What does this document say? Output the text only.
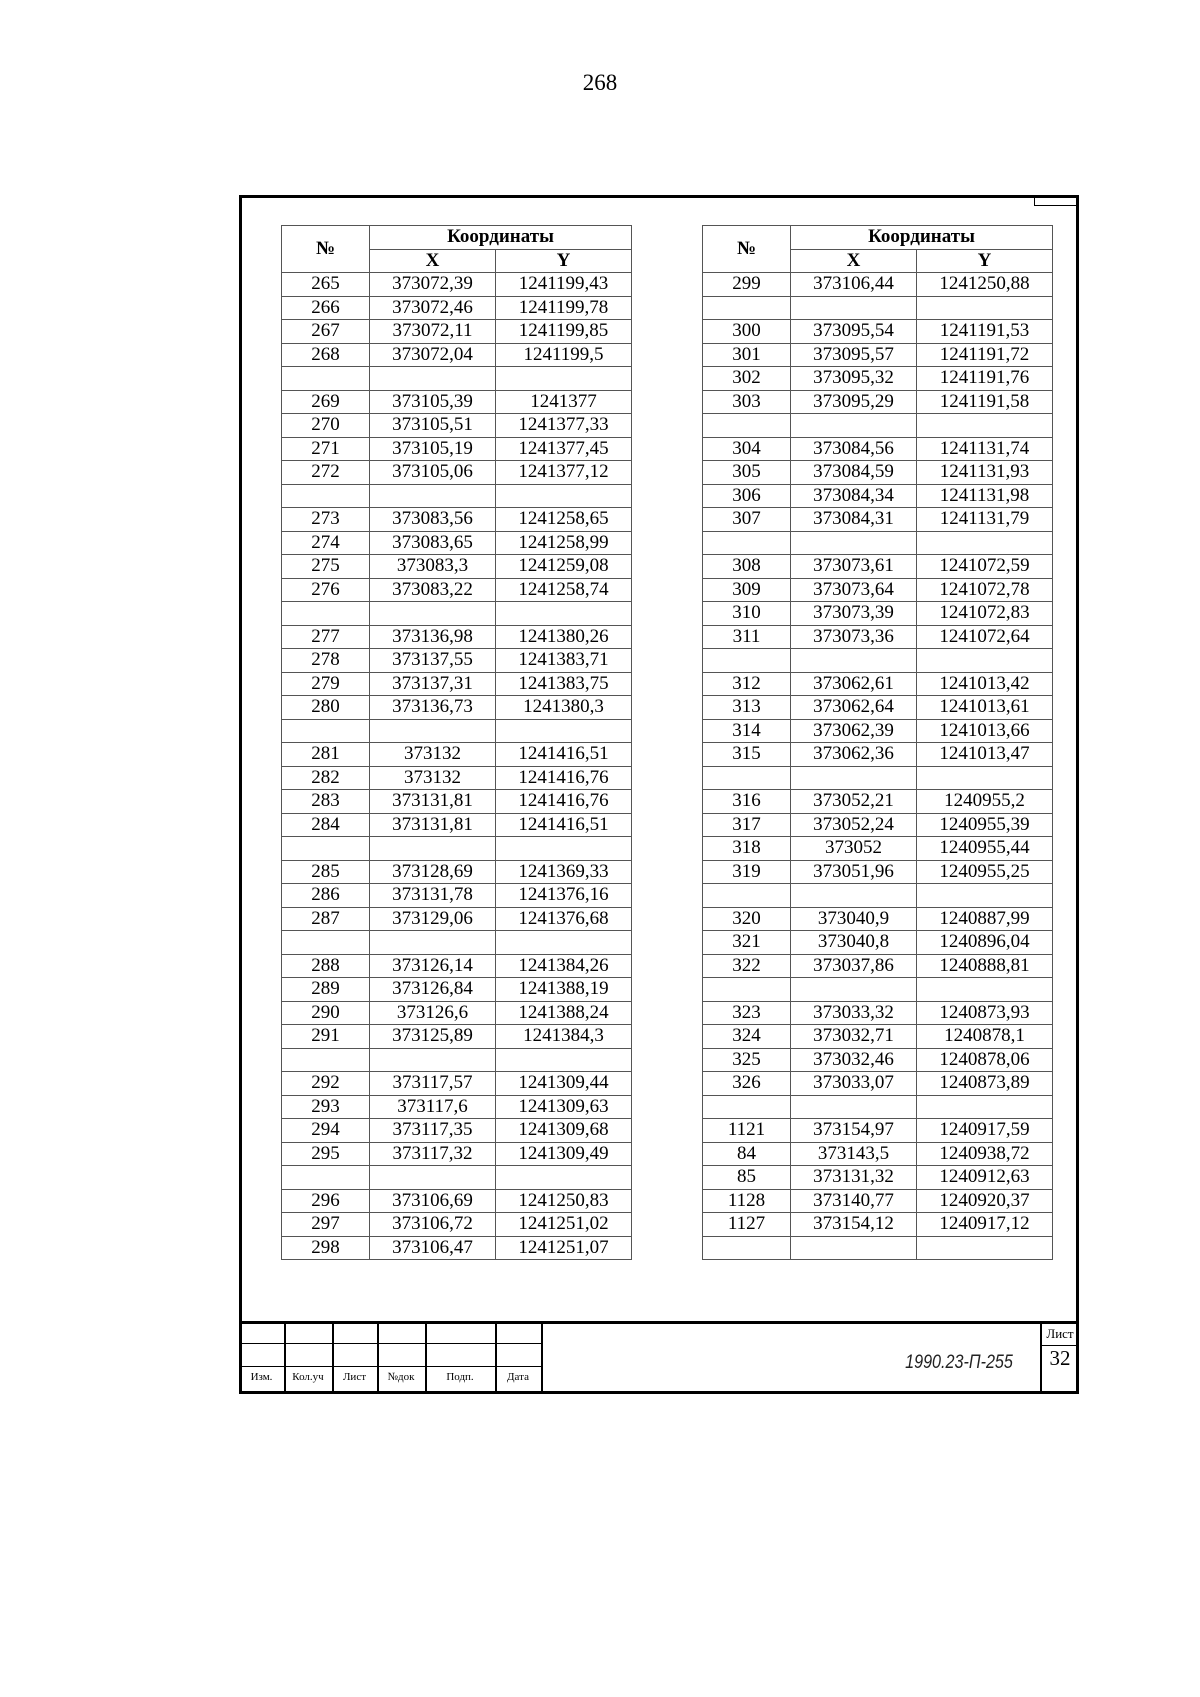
268
№	Координаты	
	X	Y
265	373072,39	1241199,43
266	373072,46	1241199,78
267	373072,11	1241199,85
268	373072,04	1241199,5

269	373105,39	1241377
270	373105,51	1241377,33
271	373105,19	1241377,45
272	373105,06	1241377,12

273	373083,56	1241258,65
274	373083,65	1241258,99
275	373083,3	1241259,08
276	373083,22	1241258,74

277	373136,98	1241380,26
278	373137,55	1241383,71
279	373137,31	1241383,75
280	373136,73	1241380,3

281	373132	1241416,51
282	373132	1241416,76
283	373131,81	1241416,76
284	373131,81	1241416,51

285	373128,69	1241369,33
286	373131,78	1241376,16
287	373129,06	1241376,68

288	373126,14	1241384,26
289	373126,84	1241388,19
290	373126,6	1241388,24
291	373125,89	1241384,3

292	373117,57	1241309,44
293	373117,6	1241309,63
294	373117,35	1241309,68
295	373117,32	1241309,49

296	373106,69	1241250,83
297	373106,72	1241251,02
298	373106,47	1241251,07
№	Координаты	
	X	Y
299	373106,44	1241250,88

300	373095,54	1241191,53
301	373095,57	1241191,72
302	373095,32	1241191,76
303	373095,29	1241191,58

304	373084,56	1241131,74
305	373084,59	1241131,93
306	373084,34	1241131,98
307	373084,31	1241131,79

308	373073,61	1241072,59
309	373073,64	1241072,78
310	373073,39	1241072,83
311	373073,36	1241072,64

312	373062,61	1241013,42
313	373062,64	1241013,61
314	373062,39	1241013,66
315	373062,36	1241013,47

316	373052,21	1240955,2
317	373052,24	1240955,39
318	373052	1240955,44
319	373051,96	1240955,25

320	373040,9	1240887,99
321	373040,8	1240896,04
322	373037,86	1240888,81

323	373033,32	1240873,93
324	373032,71	1240878,1
325	373032,46	1240878,06
326	373033,07	1240873,89

1121	373154,97	1240917,59
84	373143,5	1240938,72
85	373131,32	1240912,63
1128	373140,77	1240920,37
1127	373154,12	1240917,12

Изм.	Кол.уч	Лист	№док	Подп.	Дата
1990.23-П-255
Лист
32
